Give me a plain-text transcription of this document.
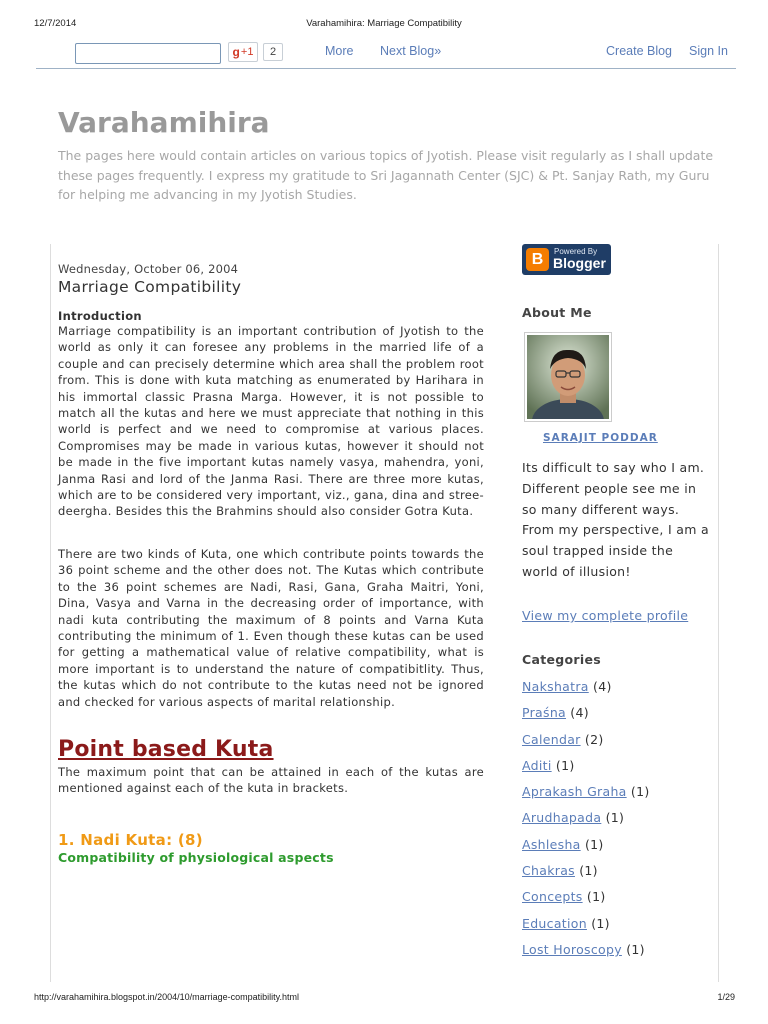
12/7/2014	Varahamihira: Marriage Compatibility
g +1	2	More Next Blog»	Create Blog Sign In
Varahamihira
The pages here would contain articles on various topics of Jyotish. Please visit regularly as I shall update these pages frequently. I express my gratitude to Sri Jagannath Center (SJC) & Pt. Sanjay Rath, my Guru for helping me advancing in my Jyotish Studies.
Wednesday, October 06, 2004
Marriage Compatibility
Introduction

Marriage compatibility is an important contribution of Jyotish to the world as only it can foresee any problems in the married life of a couple and can precisely determine which area shall the problem root from. This is done with kuta matching as enumerated by Harihara in his immortal classic Prasna Marga. However, it is not possible to match all the kutas and here we must appreciate that nothing in this world is perfect and we need to compromise at various places. Compromises may be made in various kutas, however it should not be made in the five important kutas namely vasya, mahendra, yoni, Janma Rasi and lord of the Janma Rasi. There are three more kutas, which are to be considered very important, viz., gana, dina and stree-deergha. Besides this the Brahmins should also consider Gotra Kuta.

There are two kinds of Kuta, one which contribute points towards the 36 point scheme and the other does not. The Kutas which contribute to the 36 point schemes are Nadi, Rasi, Gana, Graha Maitri, Yoni, Dina, Vasya and Varna in the decreasing order of importance, with nadi kuta contributing the maximum of 8 points and Varna Kuta contributing the minimum of 1. Even though these kutas can be used for getting a mathematical value of relative compatibility, what is more important is to understand the nature of compatibitlity. Thus, the kutas which do not contribute to the kutas need not be ignored and checked for various aspects of marital relationship.

Point based Kuta

The maximum point that can be attained in each of the kutas are mentioned against each of the kuta in brackets.

1. Nadi Kuta: (8)
Compatibility of physiological aspects
B	Powered By
Blogger
About Me
SARAJIT PODDAR
Its difficult to say who I am. Different people see me in so many different ways. From my perspective, I am a soul trapped inside the world of illusion!
View my complete profile
Categories
Nakshatra (4)
Praśna (4)
Calendar (2)
Aditi (1)
Aprakash Graha (1)
Arudhapada (1)
Ashlesha (1)
Chakras (1)
Concepts (1)
Education (1)
Lost Horoscopy (1)
http://varahamihira.blogspot.in/2004/10/marriage-compatibility.html	1/29
